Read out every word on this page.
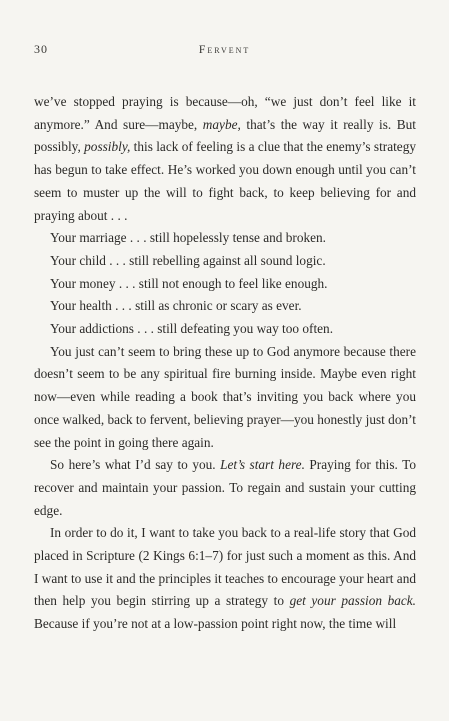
30	Fervent

we’ve stopped praying is because—oh, “we just don’t feel like it anymore.” And sure—maybe, maybe, that’s the way it really is. But possibly, possibly, this lack of feeling is a clue that the enemy’s strategy has begun to take effect. He’s worked you down enough until you can’t seem to muster up the will to fight back, to keep believing for and praying about . . .

Your marriage . . . still hopelessly tense and broken.

Your child . . . still rebelling against all sound logic.

Your money . . . still not enough to feel like enough.

Your health . . . still as chronic or scary as ever.

Your addictions . . . still defeating you way too often.

You just can’t seem to bring these up to God anymore because there doesn’t seem to be any spiritual fire burning inside. Maybe even right now—even while reading a book that’s inviting you back where you once walked, back to fervent, believing prayer—you honestly just don’t see the point in going there again.

So here’s what I’d say to you. Let’s start here. Praying for this. To recover and maintain your passion. To regain and sustain your cutting edge.

In order to do it, I want to take you back to a real-life story that God placed in Scripture (2 Kings 6:1–7) for just such a moment as this. And I want to use it and the principles it teaches to encourage your heart and then help you begin stirring up a strategy to get your passion back. Because if you’re not at a low-passion point right now, the time will
